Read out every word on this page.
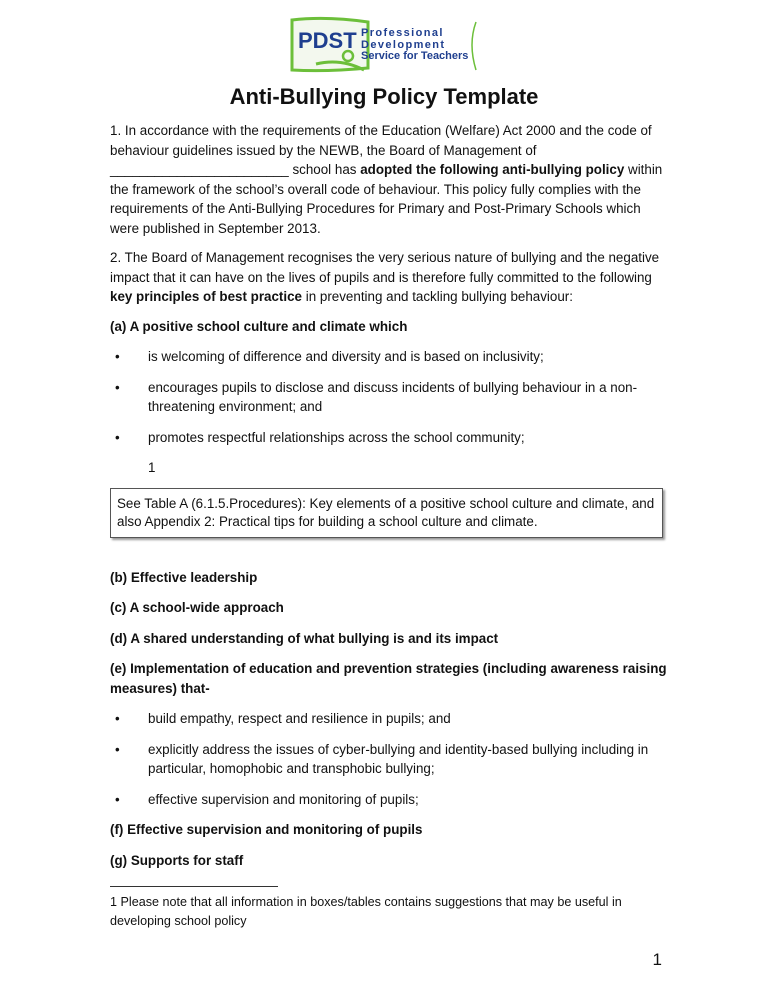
PDST Professional
Development
Service for Teachers
Anti-Bullying Policy Template
1. In accordance with the requirements of the Education (Welfare) Act 2000 and the code of behaviour guidelines issued by the NEWB, the Board of Management of ________________________ school has adopted the following anti-bullying policy within the framework of the school’s overall code of behaviour. This policy fully complies with the requirements of the Anti-Bullying Procedures for Primary and Post-Primary Schools which were published in September 2013.
2. The Board of Management recognises the very serious nature of bullying and the negative impact that it can have on the lives of pupils and is therefore fully committed to the following key principles of best practice in preventing and tackling bullying behaviour:
(a) A positive school culture and climate which
• is welcoming of difference and diversity and is based on inclusivity;
• encourages pupils to disclose and discuss incidents of bullying behaviour in a non-threatening environment; and
• promotes respectful relationships across the school community;
1
See Table A (6.1.5.Procedures): Key elements of a positive school culture and climate, and also Appendix 2: Practical tips for building a school culture and climate.
(b) Effective leadership
(c) A school-wide approach
(d) A shared understanding of what bullying is and its impact
(e) Implementation of education and prevention strategies (including awareness raising measures) that-
• build empathy, respect and resilience in pupils; and
• explicitly address the issues of cyber-bullying and identity-based bullying including in particular, homophobic and transphobic bullying;
• effective supervision and monitoring of pupils;
(f) Effective supervision and monitoring of pupils
(g) Supports for staff
1 Please note that all information in boxes/tables contains suggestions that may be useful in developing school policy
1
